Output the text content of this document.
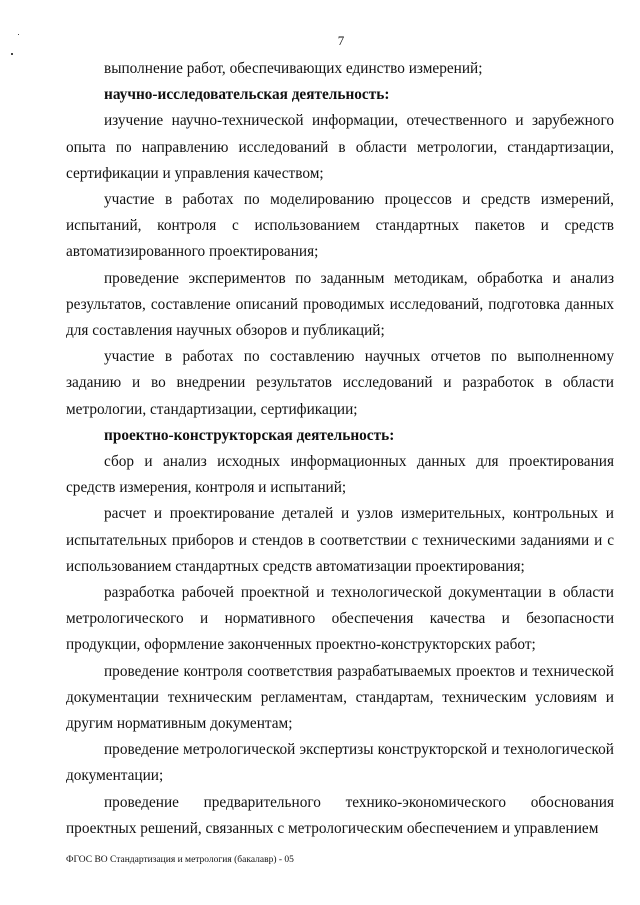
7

выполнение работ, обеспечивающих единство измерений;

научно-исследовательская деятельность:

изучение научно-технической информации, отечественного и зарубежного опыта по направлению исследований в области метрологии, стандартизации, сертификации и управления качеством;

участие в работах по моделированию процессов и средств измерений, испытаний, контроля с использованием стандартных пакетов и средств автоматизированного проектирования;

проведение экспериментов по заданным методикам, обработка и анализ результатов, составление описаний проводимых исследований, подготовка данных для составления научных обзоров и публикаций;

участие в работах по составлению научных отчетов по выполненному заданию и во внедрении результатов исследований и разработок в области метрологии, стандартизации, сертификации;

проектно-конструкторская деятельность:

сбор и анализ исходных информационных данных для проектирования средств измерения, контроля и испытаний;

расчет и проектирование деталей и узлов измерительных, контрольных и испытательных приборов и стендов в соответствии с техническими заданиями и с использованием стандартных средств автоматизации проектирования;

разработка рабочей проектной и технологической документации в области метрологического и нормативного обеспечения качества и безопасности продукции, оформление законченных проектно-конструкторских работ;

проведение контроля соответствия разрабатываемых проектов и технической документации техническим регламентам, стандартам, техническим условиям и другим нормативным документам;

проведение метрологической экспертизы конструкторской и технологической документации;

проведение предварительного технико-экономического обоснования проектных решений, связанных с метрологическим обеспечением и управлением

ФГОС ВО Стандартизация и метрология (бакалавр) - 05
